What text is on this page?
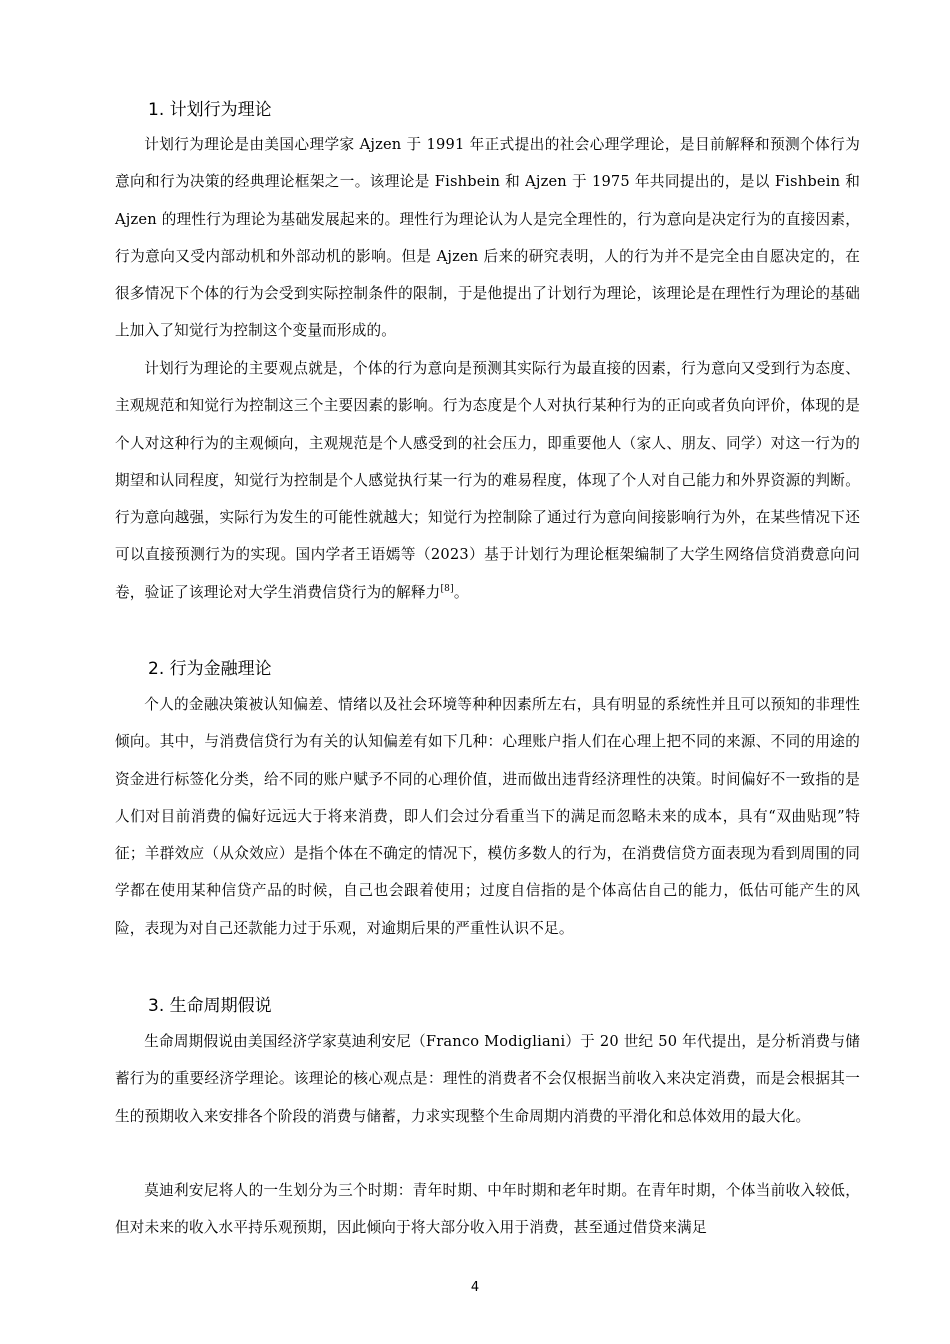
1. 计划行为理论

计划行为理论是由美国心理学家 Ajzen 于 1991 年正式提出的社会心理学理论，是目前解释和预测个体行为意向和行为决策的经典理论框架之一。该理论是 Fishbein 和 Ajzen 于 1975 年共同提出的，是以 Fishbein 和 Ajzen 的理性行为理论为基础发展起来的。理性行为理论认为人是完全理性的，行为意向是决定行为的直接因素，行为意向又受内部动机和外部动机的影响。但是 Ajzen 后来的研究表明，人的行为并不是完全由自愿决定的，在很多情况下个体的行为会受到实际控制条件的限制，于是他提出了计划行为理论，该理论是在理性行为理论的基础上加入了知觉行为控制这个变量而形成的。

计划行为理论的主要观点就是，个体的行为意向是预测其实际行为最直接的因素，行为意向又受到行为态度、主观规范和知觉行为控制这三个主要因素的影响。行为态度是个人对执行某种行为的正向或者负向评价，体现的是个人对这种行为的主观倾向，主观规范是个人感受到的社会压力，即重要他人（家人、朋友、同学）对这一行为的期望和认同程度，知觉行为控制是个人感觉执行某一行为的难易程度，体现了个人对自己能力和外界资源的判断。行为意向越强，实际行为发生的可能性就越大；知觉行为控制除了通过行为意向间接影响行为外，在某些情况下还可以直接预测行为的实现。国内学者王语嫣等（2023）基于计划行为理论框架编制了大学生网络信贷消费意向问卷，验证了该理论对大学生消费信贷行为的解释力[8]。

2. 行为金融理论

个人的金融决策被认知偏差、情绪以及社会环境等种种因素所左右，具有明显的系统性并且可以预知的非理性倾向。其中，与消费信贷行为有关的认知偏差有如下几种：心理账户指人们在心理上把不同的来源、不同的用途的资金进行标签化分类，给不同的账户赋予不同的心理价值，进而做出违背经济理性的决策。时间偏好不一致指的是人们对目前消费的偏好远远大于将来消费，即人们会过分看重当下的满足而忽略未来的成本，具有“双曲贴现”特征；羊群效应（从众效应）是指个体在不确定的情况下，模仿多数人的行为，在消费信贷方面表现为看到周围的同学都在使用某种信贷产品的时候，自己也会跟着使用；过度自信指的是个体高估自己的能力，低估可能产生的风险，表现为对自己还款能力过于乐观，对逾期后果的严重性认识不足。

3. 生命周期假说

生命周期假说由美国经济学家莫迪利安尼（Franco Modigliani）于 20 世纪 50 年代提出，是分析消费与储蓄行为的重要经济学理论。该理论的核心观点是：理性的消费者不会仅根据当前收入来决定消费，而是会根据其一生的预期收入来安排各个阶段的消费与储蓄，力求实现整个生命周期内消费的平滑化和总体效用的最大化。

莫迪利安尼将人的一生划分为三个时期：青年时期、中年时期和老年时期。在青年时期，个体当前收入较低，但对未来的收入水平持乐观预期，因此倾向于将大部分收入用于消费，甚至通过借贷来满足

4
